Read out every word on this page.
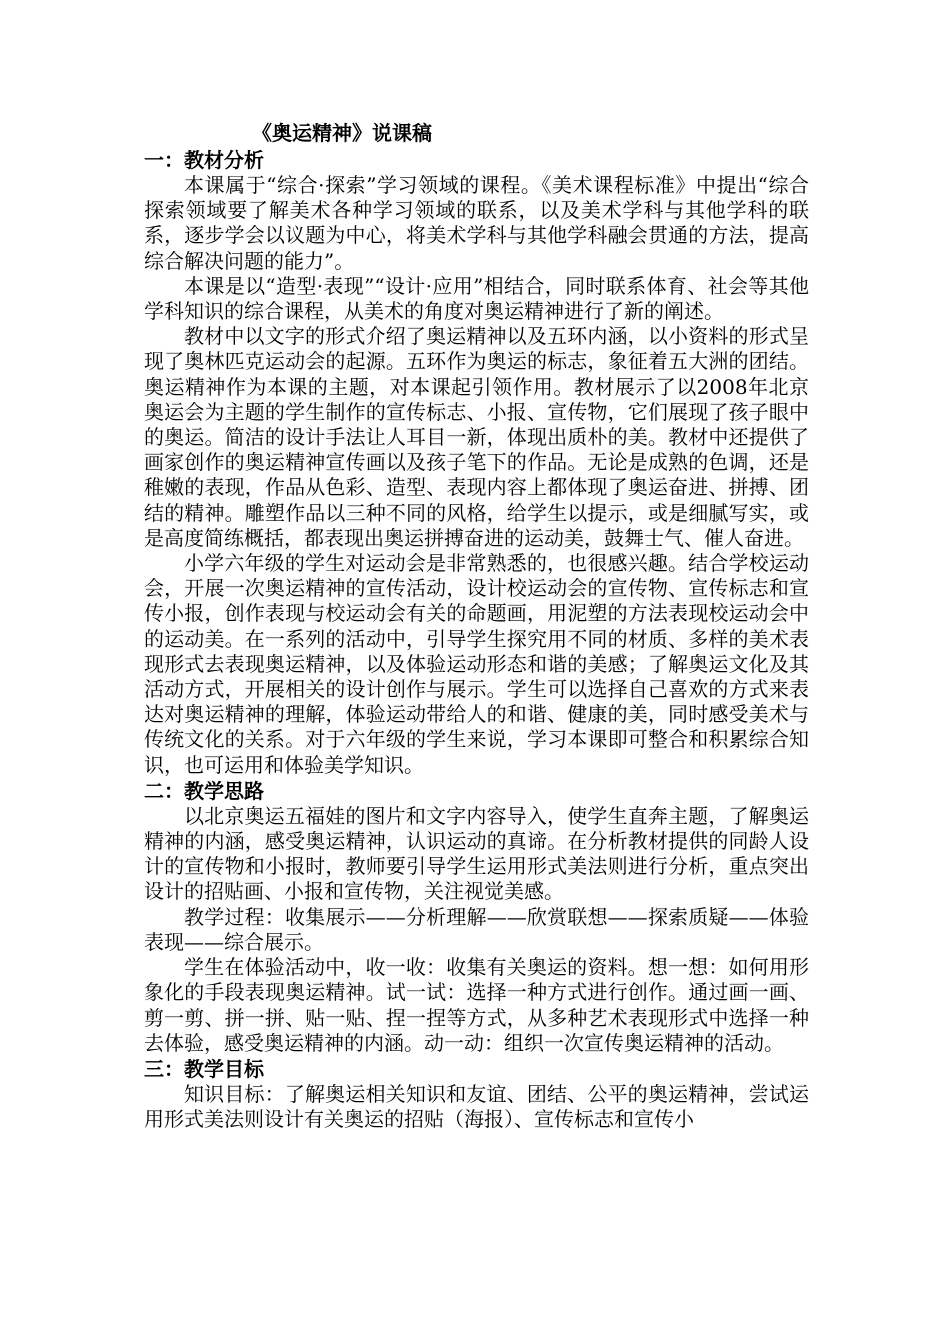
《奥运精神》说课稿
一：教材分析

本课属于“综合·探索”学习领域的课程。《美术课程标准》中提出“综合探索领域要了解美术各种学习领域的联系，以及美术学科与其他学科的联系，逐步学会以议题为中心，将美术学科与其他学科融会贯通的方法，提高综合解决问题的能力”。

本课是以“造型·表现”“设计·应用”相结合，同时联系体育、社会等其他学科知识的综合课程，从美术的角度对奥运精神进行了新的阐述。

教材中以文字的形式介绍了奥运精神以及五环内涵，以小资料的形式呈现了奥林匹克运动会的起源。五环作为奥运的标志，象征着五大洲的团结。奥运精神作为本课的主题，对本课起引领作用。教材展示了以2008年北京奥运会为主题的学生制作的宣传标志、小报、宣传物，它们展现了孩子眼中的奥运。简洁的设计手法让人耳目一新，体现出质朴的美。教材中还提供了画家创作的奥运精神宣传画以及孩子笔下的作品。无论是成熟的色调，还是稚嫩的表现，作品从色彩、造型、表现内容上都体现了奥运奋进、拼搏、团结的精神。雕塑作品以三种不同的风格，给学生以提示，或是细腻写实，或是高度简练概括，都表现出奥运拼搏奋进的运动美，鼓舞士气、催人奋进。

小学六年级的学生对运动会是非常熟悉的，也很感兴趣。结合学校运动会，开展一次奥运精神的宣传活动，设计校运动会的宣传物、宣传标志和宣传小报，创作表现与校运动会有关的命题画，用泥塑的方法表现校运动会中的运动美。在一系列的活动中，引导学生探究用不同的材质、多样的美术表现形式去表现奥运精神，以及体验运动形态和谐的美感；了解奥运文化及其活动方式，开展相关的设计创作与展示。学生可以选择自己喜欢的方式来表达对奥运精神的理解，体验运动带给人的和谐、健康的美，同时感受美术与传统文化的关系。对于六年级的学生来说，学习本课即可整合和积累综合知识，也可运用和体验美学知识。

二：教学思路

以北京奥运五福娃的图片和文字内容导入，使学生直奔主题，了解奥运精神的内涵，感受奥运精神，认识运动的真谛。在分析教材提供的同龄人设计的宣传物和小报时，教师要引导学生运用形式美法则进行分析，重点突出设计的招贴画、小报和宣传物，关注视觉美感。

教学过程：收集展示——分析理解——欣赏联想——探索质疑——体验表现——综合展示。

学生在体验活动中，收一收：收集有关奥运的资料。想一想：如何用形象化的手段表现奥运精神。试一试：选择一种方式进行创作。通过画一画、剪一剪、拼一拼、贴一贴、捏一捏等方式，从多种艺术表现形式中选择一种去体验，感受奥运精神的内涵。动一动：组织一次宣传奥运精神的活动。

三：教学目标

知识目标：了解奥运相关知识和友谊、团结、公平的奥运精神，尝试运用形式美法则设计有关奥运的招贴（海报）、宣传标志和宣传小
